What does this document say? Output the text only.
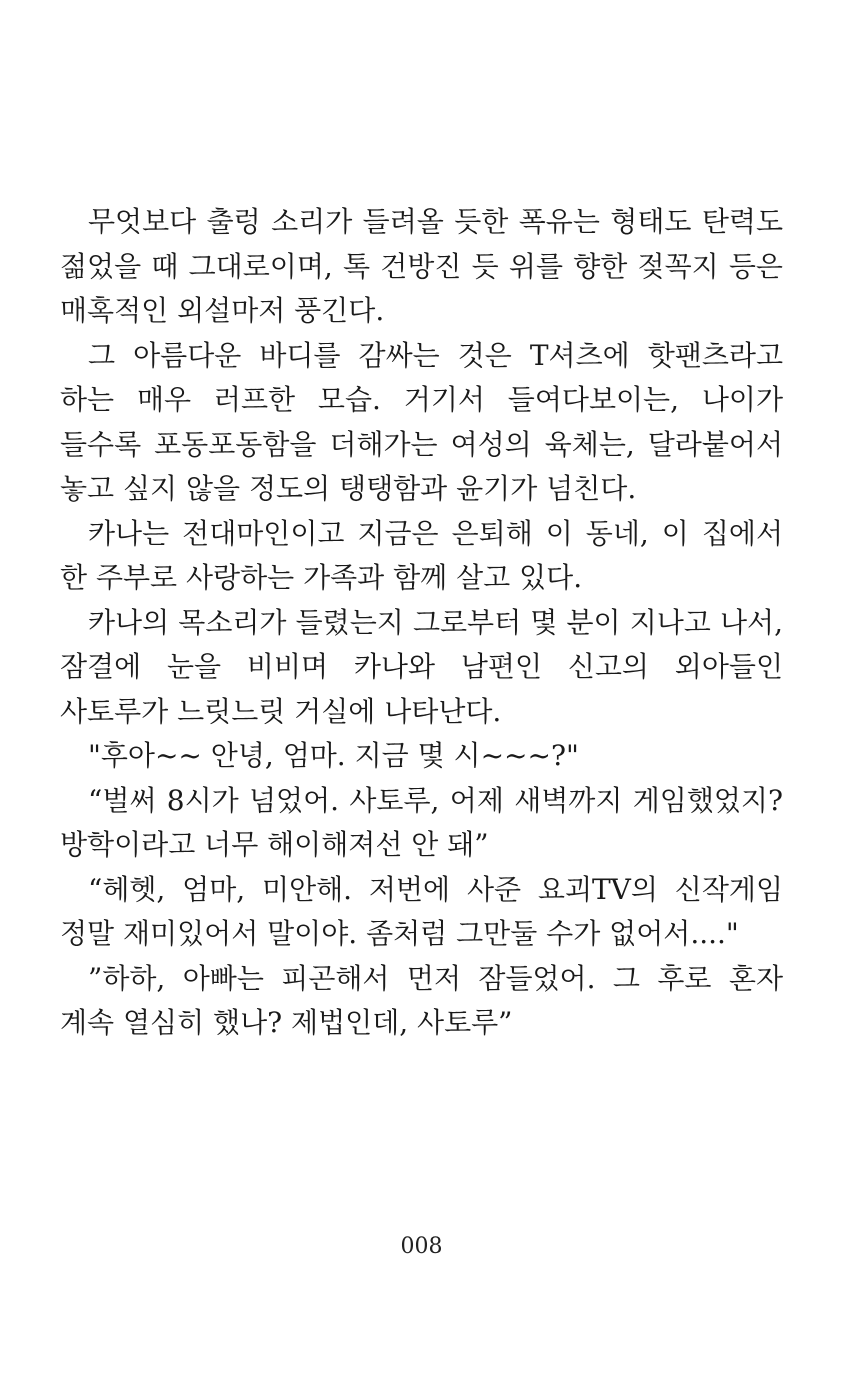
무엇보다 출렁 소리가 들려올 듯한 폭유는 형태도 탄력도 젊었을 때 그대로이며, 톡 건방진 듯 위를 향한 젖꼭지 등은 매혹적인 외설마저 풍긴다.

그 아름다운 바디를 감싸는 것은 T셔츠에 핫팬츠라고 하는 매우 러프한 모습. 거기서 들여다보이는, 나이가 들수록 포동포동함을 더해가는 여성의 육체는, 달라붙어서 놓고 싶지 않을 정도의 탱탱함과 윤기가 넘친다.

카나는 전대마인이고 지금은 은퇴해 이 동네, 이 집에서 한 주부로 사랑하는 가족과 함께 살고 있다.

카나의 목소리가 들렸는지 그로부터 몇 분이 지나고 나서, 잠결에 눈을 비비며 카나와 남편인 신고의 외아들인 사토루가 느릿느릿 거실에 나타난다.

"후아~~ 안녕, 엄마. 지금 몇 시~~~?"

“벌써 8시가 넘었어. 사토루, 어제 새벽까지 게임했었지? 방학이라고 너무 해이해져선 안 돼”

“헤헷, 엄마, 미안해. 저번에 사준 요괴TV의 신작게임 정말 재미있어서 말이야. 좀처럼 그만둘 수가 없어서...."

”하하, 아빠는 피곤해서 먼저 잠들었어. 그 후로 혼자 계속 열심히 했나? 제법인데, 사토루”

008
